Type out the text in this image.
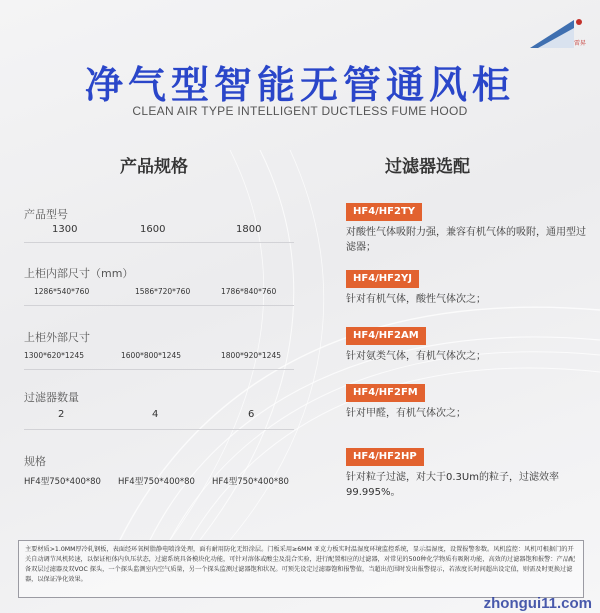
雷昇
净气型智能无管通风柜
CLEAN AIR TYPE INTELLIGENT DUCTLESS FUME HOOD
产品规格	过滤器选配
产品型号
1300	1600	1800
上柜内部尺寸（mm）
1286*540*760	1586*720*760	1786*840*760
上柜外部尺寸
1300*620*1245	1600*800*1245	1800*920*1245
过滤器数量
2	4	6
规格
HF4型750*400*80 HF4型750*400*80 HF4型750*400*80
HF4/HF2TY
对酸性气体吸附力强，兼容有机气体的吸附，通用型过滤器；
HF4/HF2YJ
针对有机气体，酸性气体次之；
HF4/HF2AM
针对氨类气体，有机气体次之；
HF4/HF2FM
针对甲醛，有机气体次之；
HF4/HF2HP
针对粒子过滤，对大于0.3Um的粒子，过滤效率99.995%。
主要材质>1.0MM厚冷轧钢板，表面经环氧树脂静电喷涂处理，面有耐用防化无铅涂层。门板采用≥6MM 亚克力板实时温湿度环境监控系统，显示温湿度，设置报警参数。风机监控：风机可根据门的开关自动调节风机转速，以保证柜体内负压状态，过滤系统具备模块化功能，可针对溶体或酸尘及混合实验，进行配置相应的过滤器，对常见的500种化学物质有吸附功能，高效的过滤器饱和报警：产品配备双层过滤器及双VOC 探头，一个探头监测室内空气质量，另一个探头监测过滤器饱和状况。可预先设定过滤器饱和报警值，当超出范围时发出报警提示，若浓度长时间超出设定值，则需及时更换过滤器，以保证净化效果。
zhongui11.com
